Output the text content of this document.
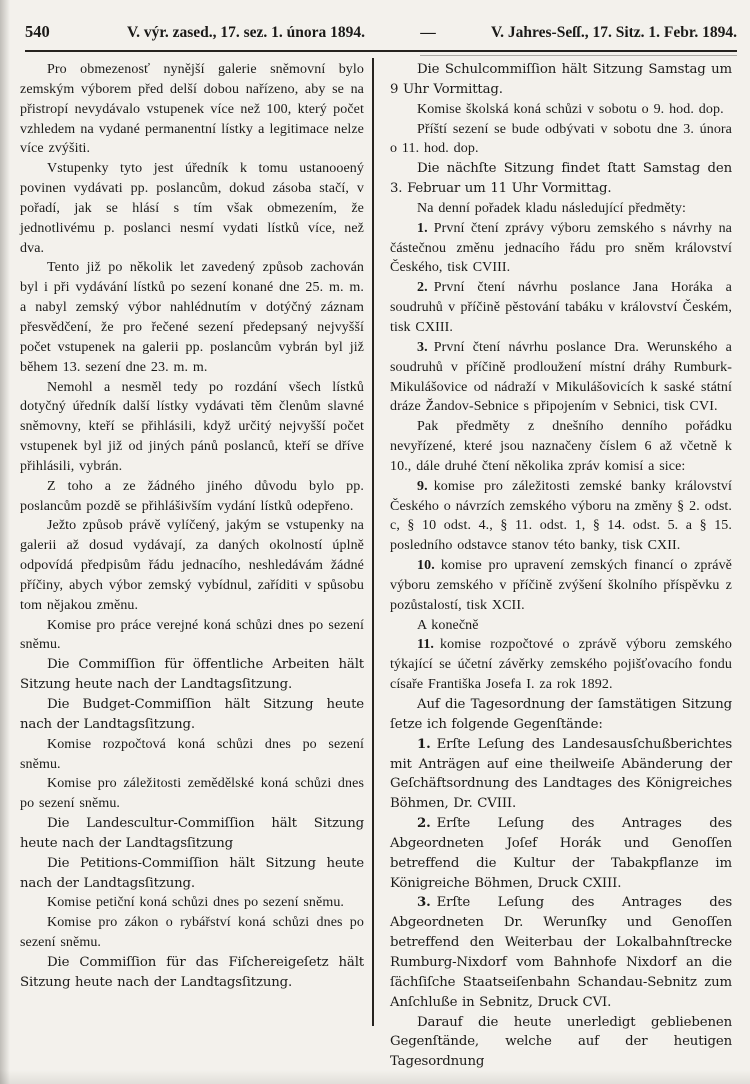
540	V. výr. zased., 17. sez. 1. února 1894.	—	V. Jahres-Seſſ., 17. Sitz. 1. Febr. 1894.

Pro obmezenosť nynější galerie sněmovní bylo zemským výborem před delší dobou nařízeno, aby se na přistropí nevydávalo vstupenek více než 100, který počet vzhledem na vydané permanentní lístky a legitimace nelze více zvýšiti.

Vstupenky tyto jest úředník k tomu ustanooený povinen vydávati pp. poslancům, dokud zásoba stačí, v pořadí, jak se hlásí s tím však obmezením, že jednotlivému p. poslanci nesmí vydati lístků více, než dva.

Tento již po několik let zavedený způsob zachován byl i při vydávání lístků po sezení konané dne 25. m. m. a nabyl zemský výbor nahlédnutím v dotýčný záznam přesvědčení, že pro řečené sezení předepsaný nejvyšší počet vstupenek na galerii pp. poslancům vybrán byl již během 13. sezení dne 23. m. m.

Nemohl a nesměl tedy po rozdání všech lístků dotyčný úředník další lístky vydávati těm členům slavné sněmovny, kteří se přihlásili, když určitý nejvyšší počet vstupenek byl již od jiných pánů poslanců, kteří se dříve přihlásili, vybrán.

Z toho a ze žádného jiného důvodu bylo pp. poslancům pozdě se přihlášivším vydání lístků odepřeno.

Ježto způsob právě vylíčený, jakým se vstupenky na galerii až dosud vydávají, za daných okolností úplně odpovídá předpisům řádu jednacího, neshledávám žádné příčiny, abych výbor zemský vybídnul, zaříditi v spůsobu tom nějakou změnu.

Komise pro práce verejné koná schůzi dnes po sezení sněmu.

Die Commiſſion für öffentliche Arbeiten hält Sitzung heute nach der Landtagsſitzung.

Die Budget-Commiſſion hält Sitzung heute nach der Landtagsſitzung.

Komise rozpočtová koná schůzi dnes po sezení sněmu.

Komise pro záležitosti zemědělské koná schůzi dnes po sezení sněmu.

Die Landescultur-Commiſſion hält Sitzung heute nach der Landtagsſitzung

Die Petitions-Commiſſion hält Sitzung heute nach der Landtagsſitzung.

Komise petiční koná schůzi dnes po sezení sněmu.

Komise pro zákon o rybářství koná schůzi dnes po sezení sněmu.

Die Commiſſion für das Fiſchereigeſetz hält Sitzung heute nach der Landtagsſitzung.

Die Schulcommiſſion hält Sitzung Samstag um 9 Uhr Vormittag.

Komise školská koná schůzi v sobotu o 9. hod. dop.

Příští sezení se bude odbývati v sobotu dne 3. února o 11. hod. dop.

Die nächſte Sitzung findet ſtatt Samstag den 3. Februar um 11 Uhr Vormittag.

Na denní pořadek kladu následující předměty:

1. První čtení zprávy výboru zemského s návrhy na částečnou změnu jednacího řádu pro sněm království Českého, tisk CVIII.

2. První čtení návrhu poslance Jana Horáka a soudruhů v příčině pěstování tabáku v království Českém, tisk CXIII.

3. První čtení návrhu poslance Dra. Werunského a soudruhů v příčině prodloužení místní dráhy Rumburk-Mikulášovice od nádraží v Mikulášovicích k saské státní dráze Žandov-Sebnice s připojením v Sebnici, tisk CVI.

Pak předměty z dnešního denního pořádku nevyřízené, které jsou naznačeny číslem 6 až včetně k 10., dále druhé čtení několika zpráv komisí a sice:

9. komise pro záležitosti zemské banky království Českého o návrzích zemského výboru na změny § 2. odst. c, § 10 odst. 4., § 11. odst. 1, § 14. odst. 5. a § 15. posledního odstavce stanov této banky, tisk CXII.

10. komise pro upravení zemských financí o zprávě výboru zemského v příčině zvýšení školního příspěvku z pozůstalostí, tisk XCII.

A konečně

11. komise rozpočtové o zprávě výboru zemského týkající se účetní závěrky zemského pojišťovacího fondu císaře Františka Josefa I. za rok 1892.

Auf die Tagesordnung der ſamstätigen Sitzung ſetze ich folgende Gegenſtände:

1. Erſte Leſung des Landesausſchußberichtes mit Anträgen auf eine theilweiſe Abänderung der Geſchäftsordnung des Landtages des Königreiches Böhmen, Dr. CVIII.

2. Erſte Leſung des Antrages des Abgeordneten Joſef Horák und Genoſſen betreffend die Kultur der Tabakpflanze im Königreiche Böhmen, Druck CXIII.

3. Erſte Leſung des Antrages des Abgeordneten Dr. Werunſky und Genoſſen betreffend den Weiterbau der Lokalbahnſtrecke Rumburg-Nixdorf vom Bahnhofe Nixdorf an die ſächſiſche Staatseiſenbahn Schandau-Sebnitz zum Anſchluße in Sebnitz, Druck CVI.

Darauf die heute unerledigt gebliebenen Gegenſtände, welche auf der heutigen Tagesordnung
